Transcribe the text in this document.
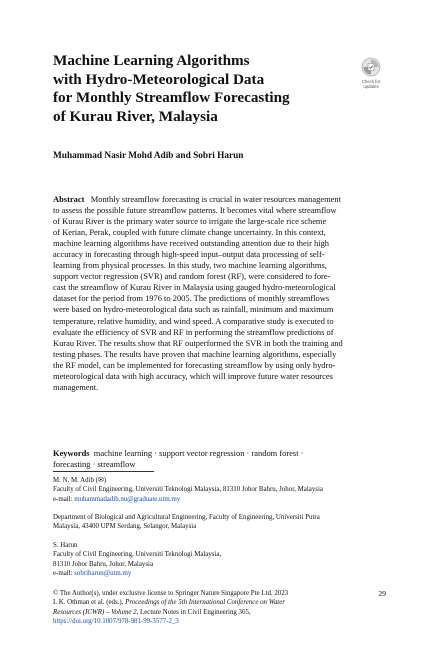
Machine Learning Algorithms
with Hydro-Meteorological Data
for Monthly Streamflow Forecasting
of Kurau River, Malaysia
Check for
updates
Muhammad Nasir Mohd Adib and Sobri Harun
Abstract Monthly streamflow forecasting is crucial in water resources management
to assess the possible future streamflow patterns. It becomes vital where streamflow
of Kurau River is the primary water source to irrigate the large-scale rice scheme
of Kerian, Perak, coupled with future climate change uncertainty. In this context,
machine learning algorithms have received outstanding attention due to their high
accuracy in forecasting through high-speed input–output data processing of self-
learning from physical processes. In this study, two machine learning algorithms,
support vector regression (SVR) and random forest (RF), were considered to fore-
cast the streamflow of Kurau River in Malaysia using gauged hydro-meteorological
dataset for the period from 1976 to 2005. The predictions of monthly streamflows
were based on hydro-meteorological data such as rainfall, minimum and maximum
temperature, relative humidity, and wind speed. A comparative study is executed to
evaluate the efficiency of SVR and RF in performing the streamflow predictions of
Kurau River. The results show that RF outperformed the SVR in both the training and
testing phases. The results have proven that machine learning algorithms, especially
the RF model, can be implemented for forecasting streamflow by using only hydro-
meteorological data with high accuracy, which will improve future water resources
management.
Keywords machine learning · support vector regression · random forest ·
forecasting · streamflow
M. N. M. Adib (✉)
Faculty of Civil Engineering, Universiti Teknologi Malaysia, 81310 Johor Bahru, Johor, Malaysia
e-mail: muhammadadib.nu@graduate.utm.my
Department of Biological and Agricultural Engineering, Faculty of Engineering, Universiti Putra
Malaysia, 43400 UPM Serdang, Selangor, Malaysia
S. Harun
Faculty of Civil Engineering, Universiti Teknologi Malaysia,
81310 Johor Bahru, Johor, Malaysia
e-mail: sobriharun@utm.my
© The Author(s), under exclusive license to Springer Nature Singapore Pte Ltd. 2023
I. K. Othman et al. (eds.), Proceedings of the 5th International Conference on Water
Resources (ICWR) – Volume 2, Lecture Notes in Civil Engineering 365,
https://doi.org/10.1007/978-981-99-3577-2_3
29
